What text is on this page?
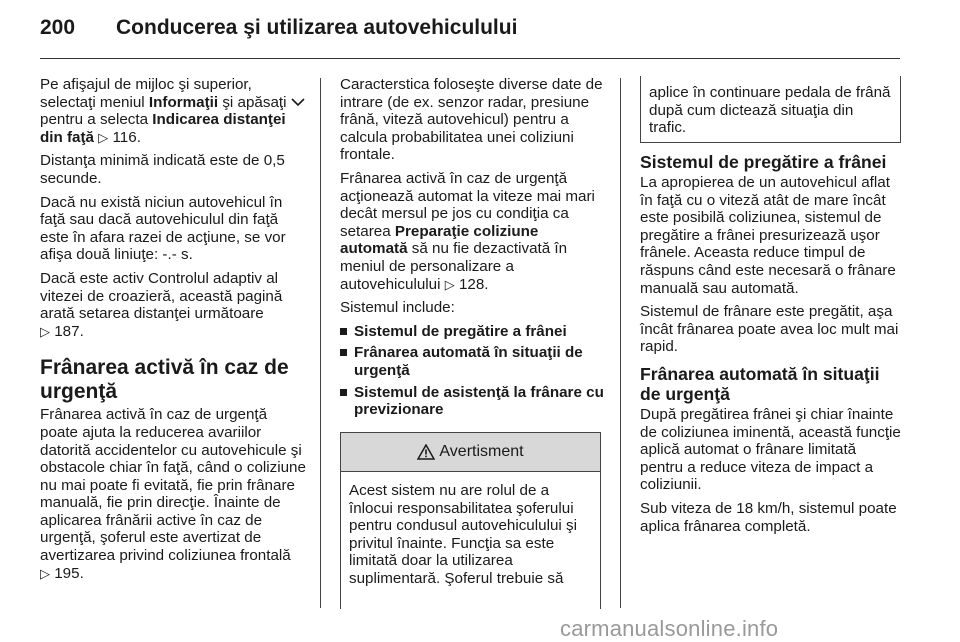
200 Conducerea şi utilizarea autovehiculului

Pe afişajul de mijloc şi superior, selectaţi meniul Informaţii şi apăsaţi  pentru a selecta Indicarea distanţei din faţă ▷ 116.

Distanţa minimă indicată este de 0,5 secunde.

Dacă nu există niciun autovehicul în faţă sau dacă autovehiculul din faţă este în afara razei de acţiune, se vor afişa două liniuţe: -.- s.

Dacă este activ Controlul adaptiv al vitezei de croazieră, această pagină arată setarea distanţei următoare
▷ 187.

Frânarea activă în caz de urgenţă

Frânarea activă în caz de urgenţă poate ajuta la reducerea avariilor datorită accidentelor cu autovehicule şi obstacole chiar în faţă, când o coliziune nu mai poate fi evitată, fie prin frânare manuală, fie prin direcţie. Înainte de aplicarea frânării active în caz de urgenţă, şoferul este avertizat de avertizarea privind coliziunea frontală ▷ 195.

Caracterstica foloseşte diverse date de intrare (de ex. senzor radar, presiune frână, viteză autovehicul) pentru a calcula probabilitatea unei coliziuni frontale.

Frânarea activă în caz de urgenţă acţionează automat la viteze mai mari decât mersul pe jos cu condiţia ca setarea Preparaţie coliziune automată să nu fie dezactivată în meniul de personalizare a autovehiculului ▷ 128.

Sistemul include:

Sistemul de pregătire a frânei
Frânarea automată în situaţii de urgenţă
Sistemul de asistenţă la frânare cu previzionare
Avertisment
Acest sistem nu are rolul de a înlocui responsabilitatea şoferului pentru condusul autovehiculului şi privitul înainte. Funcţia sa este limitată doar la utilizarea suplimentară. Şoferul trebuie să
aplice în continuare pedala de frână după cum dictează situaţia din trafic.
Sistemul de pregătire a frânei

La apropierea de un autovehicul aflat în faţă cu o viteză atât de mare încât este posibilă coliziunea, sistemul de pregătire a frânei presurizează uşor frânele. Aceasta reduce timpul de răspuns când este necesară o frânare manuală sau automată.

Sistemul de frânare este pregătit, aşa încât frânarea poate avea loc mult mai rapid.

Frânarea automată în situaţii de urgenţă

După pregătirea frânei şi chiar înainte de coliziunea iminentă, această funcţie aplică automat o frânare limitată pentru a reduce viteza de impact a coliziunii.

Sub viteza de 18 km/h, sistemul poate aplica frânarea completă.

carmanualsonline.info
